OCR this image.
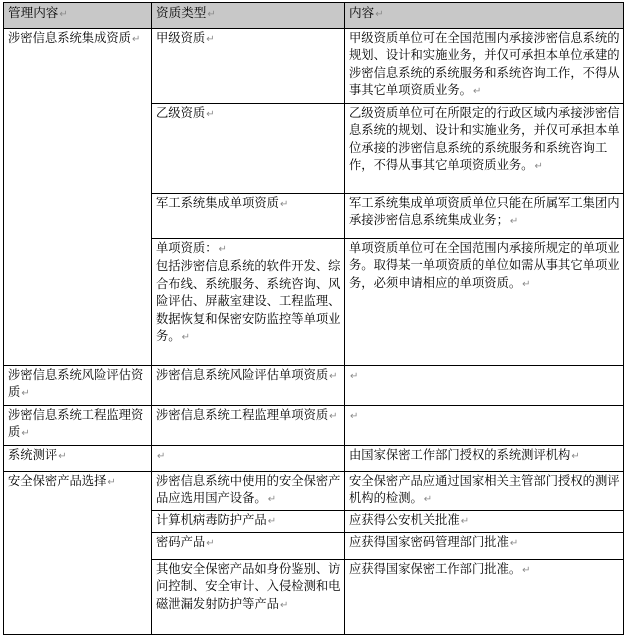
管理内容↵	资质类型↵	内容↵
涉密信息系统集成资质↵	甲级资质↵	甲级资质单位可在全国范围内承接涉密信息系统的规划、设计和实施业务，并仅可承担本单位承建的涉密信息系统的系统服务和系统咨询工作，不得从事其它单项资质业务。↵
	乙级资质↵	乙级资质单位可在所限定的行政区域内承接涉密信息系统的规划、设计和实施业务，并仅可承担本单位承接的涉密信息系统的系统服务和系统咨询工作，不得从事其它单项资质业务。↵
	军工系统集成单项资质↵	军工系统集成单项资质单位只能在所属军工集团内承接涉密信息系统集成业务；↵
	单项资质：↵
包括涉密信息系统的软件开发、综合布线、系统服务、系统咨询、风险评估、屏蔽室建设、工程监理、数据恢复和保密安防监控等单项业务。↵	单项资质单位可在全国范围内承接所规定的单项业务。取得某一单项资质的单位如需从事其它单项业务，必须申请相应的单项资质。↵
涉密信息系统风险评估资质↵	涉密信息系统风险评估单项资质↵	↵
涉密信息系统工程监理资质↵	涉密信息系统工程监理单项资质↵	↵
系统测评↵	↵	由国家保密工作部门授权的系统测评机构↵
安全保密产品选择↵	涉密信息系统中使用的安全保密产品应选用国产设备。↵	安全保密产品应通过国家相关主管部门授权的测评机构的检测。↵
	计算机病毒防护产品↵	应获得公安机关批准↵
	密码产品↵	应获得国家密码管理部门批准↵
	其他安全保密产品如身份鉴别、访问控制、安全审计、入侵检测和电磁泄漏发射防护等产品↵	应获得国家保密工作部门批准。↵
